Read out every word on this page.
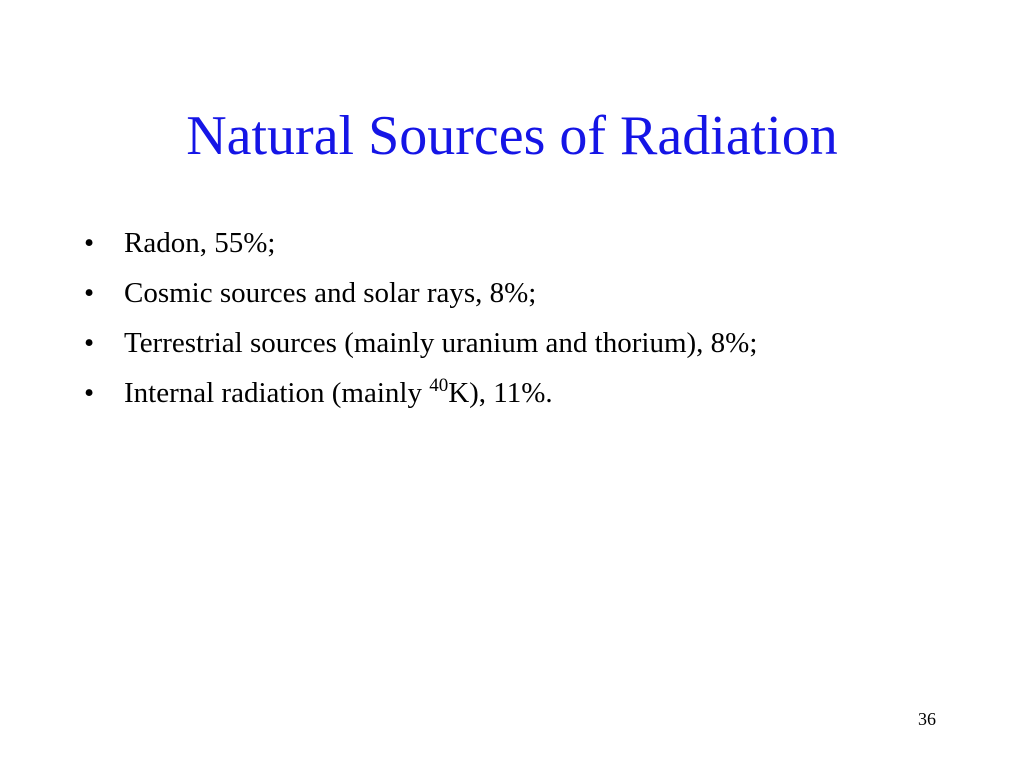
Natural Sources of Radiation
• Radon, 55%;
• Cosmic sources and solar rays, 8%;
• Terrestrial sources (mainly uranium and thorium), 8%;
• Internal radiation (mainly $^{40}$K), 11%.
36
